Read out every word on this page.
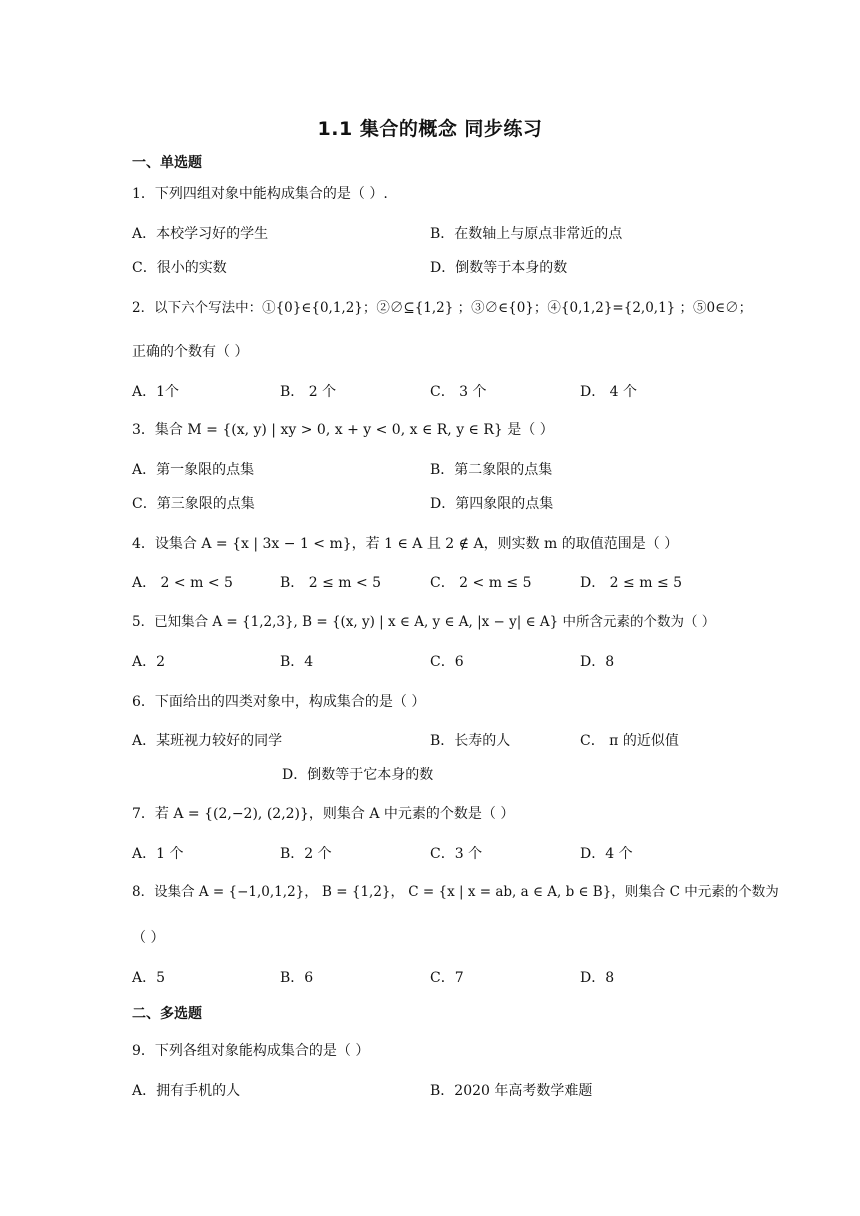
1.1 集合的概念 同步练习
一、单选题
1．下列四组对象中能构成集合的是（ ）.
A．本校学习好的学生	B．在数轴上与原点非常近的点
C．很小的实数	D．倒数等于本身的数
2．以下六个写法中：①{0}∈{0,1,2}；②∅⊆{1,2} ；③∅∈{0}；④{0,1,2}={2,0,1} ；⑤0∈∅；
正确的个数有（ ）
A．1个	B． 2 个	C． 3 个	D． 4 个
3．集合 M = {(x, y) | xy > 0, x + y < 0, x ∈ R, y ∈ R} 是（ ）
A．第一象限的点集	B．第二象限的点集
C．第三象限的点集	D．第四象限的点集
4．设集合 A = {x | 3x − 1 < m}，若 1 ∈ A 且 2 ∉ A，则实数 m 的取值范围是（ ）
A． 2 < m < 5	B． 2 ≤ m < 5	C． 2 < m ≤ 5	D． 2 ≤ m ≤ 5
5．已知集合 A = {1,2,3}, B = {(x, y) | x ∈ A, y ∈ A, |x − y| ∈ A} 中所含元素的个数为（ ）
A．2	B．4	C．6	D．8
6．下面给出的四类对象中，构成集合的是（ ）
A．某班视力较好的同学	B．长寿的人	C． π 的近似值
D．倒数等于它本身的数
7．若 A = {(2,−2), (2,2)}，则集合 A 中元素的个数是（ ）
A．1 个	B．2 个	C．3 个	D．4 个
8．设集合 A = {−1,0,1,2}， B = {1,2}， C = {x | x = ab, a ∈ A, b ∈ B}，则集合 C 中元素的个数为
（ ）
A．5	B．6	C．7	D．8
二、多选题
9．下列各组对象能构成集合的是（ ）
A．拥有手机的人	B．2020 年高考数学难题
